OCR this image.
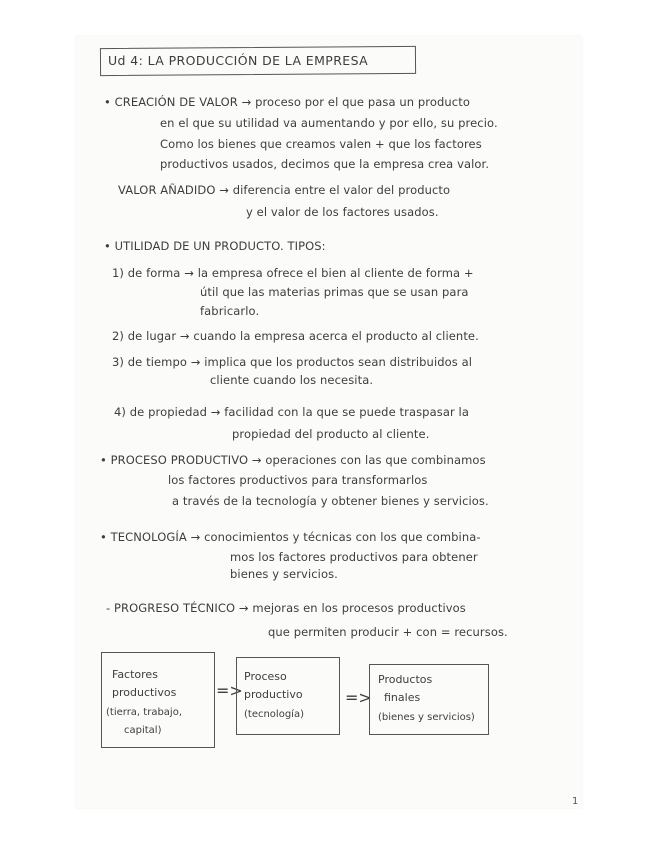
Ud 4: LA PRODUCCIÓN DE LA EMPRESA
• CREACIÓN DE VALOR → proceso por el que pasa un producto
en el que su utilidad va aumentando y por ello, su precio.
Como los bienes que creamos valen + que los factores
productivos usados, decimos que la empresa crea valor.
VALOR AÑADIDO → diferencia entre el valor del producto
y el valor de los factores usados.
• UTILIDAD DE UN PRODUCTO. TIPOS:
1) de forma → la empresa ofrece el bien al cliente de forma +
útil que las materias primas que se usan para
fabricarlo.
2) de lugar → cuando la empresa acerca el producto al cliente.
3) de tiempo → implica que los productos sean distribuidos al
cliente cuando los necesita.
4) de propiedad → facilidad con la que se puede traspasar la
propiedad del producto al cliente.
• PROCESO PRODUCTIVO → operaciones con las que combinamos
los factores productivos para transformarlos
a través de la tecnología y obtener bienes y servicios.
• TECNOLOGÍA → conocimientos y técnicas con los que combina-
mos los factores productivos para obtener
bienes y servicios.
- PROGRESO TÉCNICO → mejoras en los procesos productivos
que permiten producir + con = recursos.
Factores
productivos
(tierra, trabajo,
capital)
=>
Proceso
productivo
(tecnología)
=>
Productos
finales
(bienes y servicios)
1
